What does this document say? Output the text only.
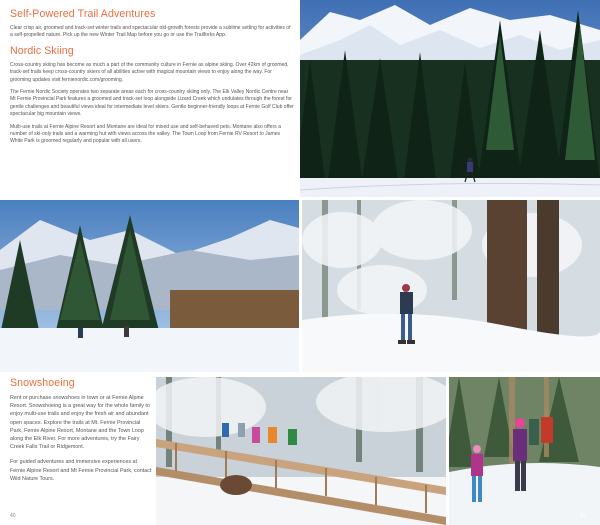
Self-Powered Trail Adventures

Clear crisp air, groomed and track-set winter trails and spectacular old-growth forests provide a sublime setting for activities of a self-propelled nature. Pick up the new Winter Trail Map before you go or use the Trailforks App.

Nordic Skiing

Cross-country skiing has become as much a part of the community culture in Fernie as alpine skiing. Over 42km of groomed, track-set trails keep cross-country skiers of all abilities active with magical mountain views to enjoy along the way. For grooming updates visit fernienordic.com/grooming.

The Fernie Nordic Society operates two separate areas each for cross-country skiing only. The Elk Valley Nordic Centre near Mt Fernie Provincial Park features a groomed and track-set loop alongside Lizard Creek which undulates through the forest for gentle challenges and beautiful views ideal for intermediate level skiers. Gentle beginner-friendly loops at Fernie Golf Club offer spectacular big mountain views.

Multi-use trails at Fernie Alpine Resort and Montane are ideal for mixed use and self-behaved pets. Montane also offers a number of ski-only trails and a warming hut with views across the valley. The Town Loop from Fernie RV Resort to James White Park is groomed regularly and popular with all users.

Snowshoeing

Rent or purchase snowshoes in town or at Fernie Alpine Resort. Snowshoeing is a great way for the whole family to enjoy multi-use trails and enjoy the fresh air and abundant open spaces. Explore the trails at Mt. Fernie Provincial Park, Fernie Alpine Resort, Montane and the Town Loop along the Elk River. For more adventures, try the Fairy Creek Falls Trail or Ridgemont.

For guided adventures and immersive experiences at Fernie Alpine Resort and Mt Fernie Provincial Park, contact Wild Nature Tours.

40	41
